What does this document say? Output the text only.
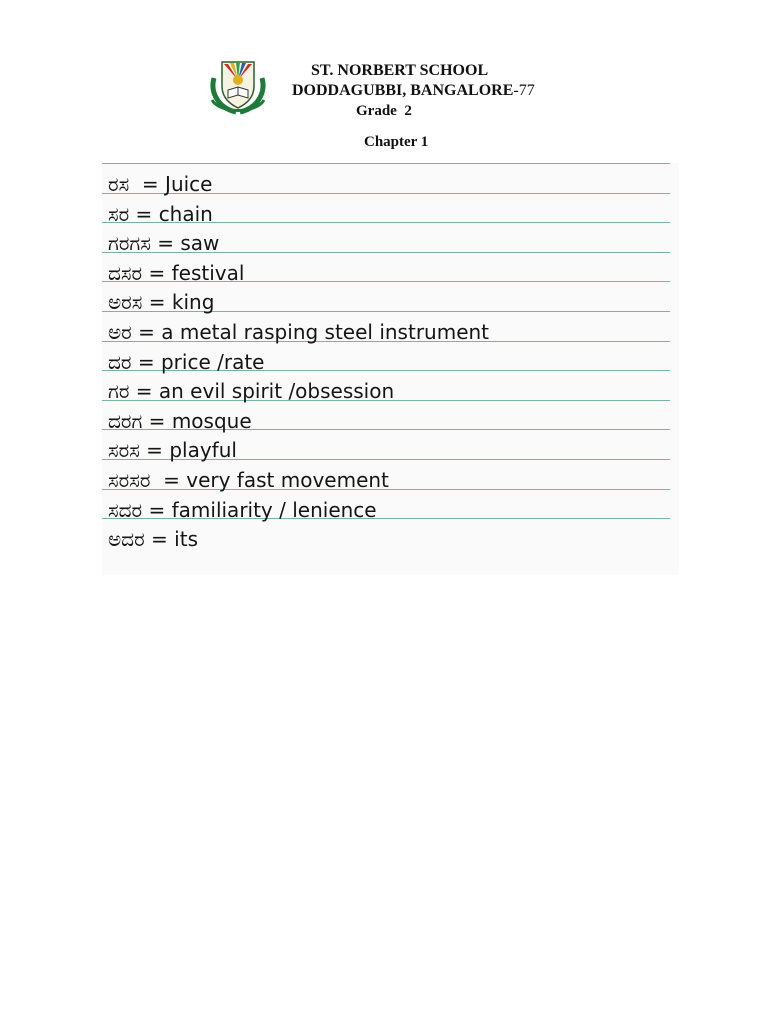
ST. NORBERT SCHOOL
DODDAGUBBI, BANGALORE-77
Grade  2
Chapter 1
ರಸ  = Juice
ಸರ = chain
ಗರಗಸ = saw
ದಸರ = festival
ಅರಸ = king
ಅರ = a metal rasping steel instrument
ದರ = price /rate
ಗರ = an evil spirit /obsession
ದರಗ = mosque
ಸರಸ = playful
ಸರಸರ  = very fast movement
ಸದರ = familiarity / lenience
ಅದರ = its
